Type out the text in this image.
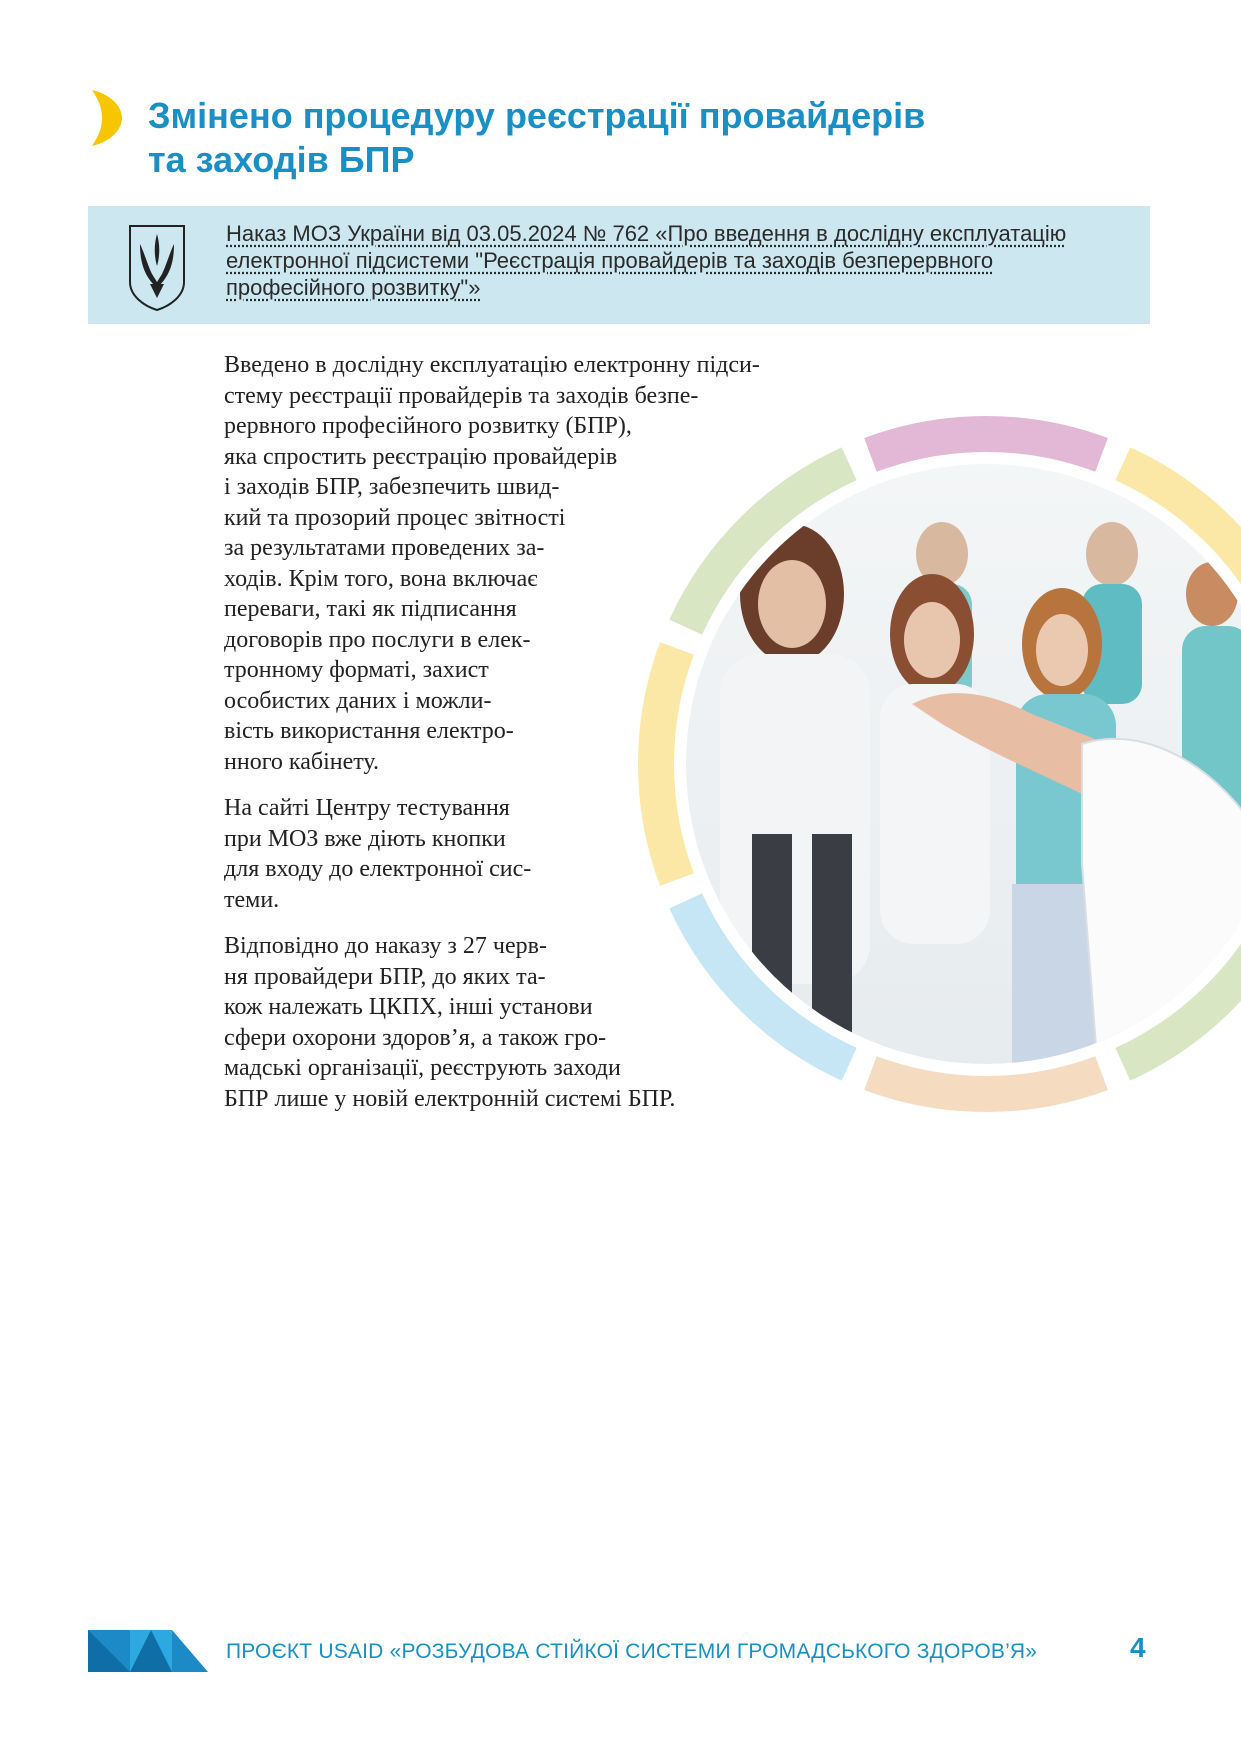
Змінено процедуру реєстрації провайдерів
та заходів БПР
Наказ МОЗ України від 03.05.2024 № 762 «Про введення в дослідну експлуатацію
електронної підсистеми "Реєстрація провайдерів та заходів безперервного
професійного розвитку"»
Введено в дослідну експлуатацію електронну підси-
стему реєстрації провайдерів та заходів безпе-
рервного професійного розвитку (БПР),
яка спростить реєстрацію провайдерів
і заходів БПР, забезпечить швид-
кий та прозорий процес звітності
за результатами проведених за-
ходів. Крім того, вона включає
переваги, такі як підписання
договорів про послуги в елек-
тронному форматі, захист
особистих даних і можли-
вість використання електро-
нного кабінету.
На сайті Центру тестування
при МОЗ вже діють кнопки
для входу до електронної сис-
теми.
Відповідно до наказу з 27 черв-
ня провайдери БПР, до яких та-
кож належать ЦКПХ, інші установи
сфери охорони здоров’я, а також гро-
мадські організації, реєструють заходи
БПР лише у новій електронній системі БПР.
ПРОЄКТ USAID «РОЗБУДОВА СТІЙКОЇ СИСТЕМИ ГРОМАДСЬКОГО ЗДОРОВ’Я»	4
